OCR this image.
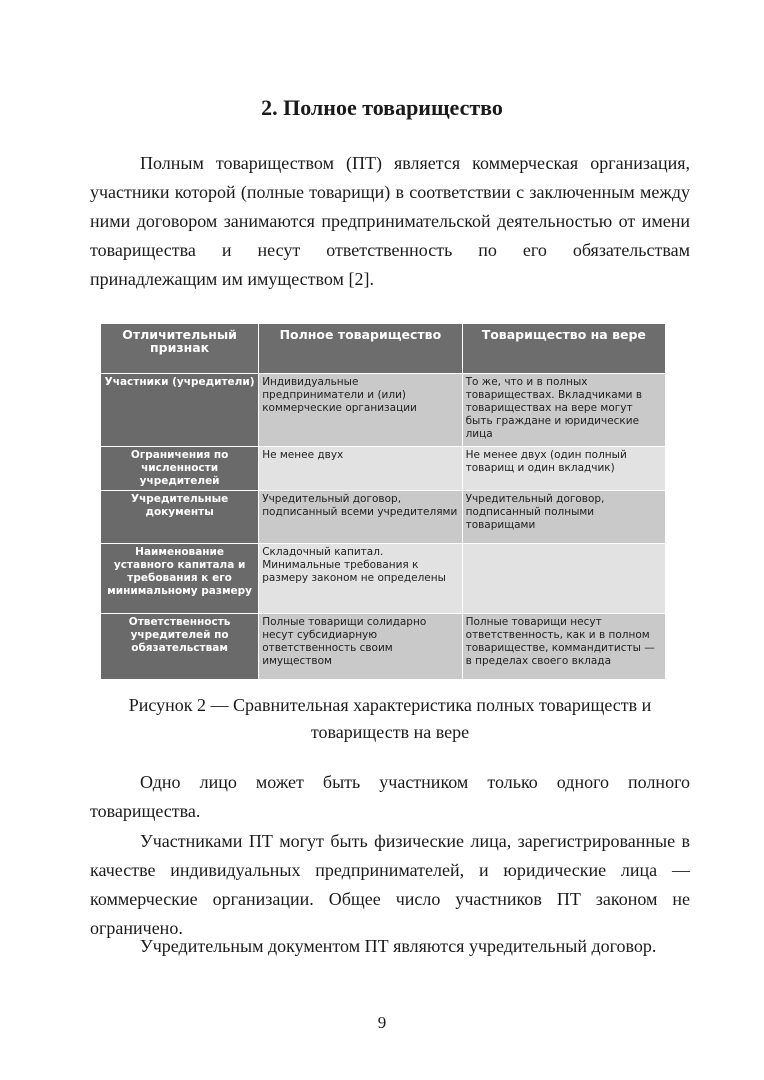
2. Полное товарищество

Полным товариществом (ПТ) является коммерческая организация, участники которой (полные товарищи) в соответствии с заключенным между ними договором занимаются предпринимательской деятельностью от имени товарищества и несут ответственность по его обязательствам принадлежащим им имуществом [2].

Отличительный признак	Полное товарищество	Товарищество на вере
Участники (учредители)	Индивидуальные предприниматели и (или) коммерческие организации	То же, что и в полных товариществах. Вкладчиками в товариществах на вере могут быть граждане и юридические лица
Ограничения по численности учредителей	Не менее двух	Не менее двух (один полный товарищ и один вкладчик)
Учредительные документы	Учредительный договор, подписанный всеми учредителями	Учредительный договор, подписанный полными товарищами
Наименование уставного капитала и требования к его минимальному размеру	Складочный капитал. Минимальные требования к размеру законом не определены	
Ответственность учредителей по обязательствам	Полные товарищи солидарно несут субсидиарную ответственность своим имуществом	Полные товарищи несут ответственность, как и в полном товариществе, коммандитисты — в пределах своего вклада

Рисунок 2 — Сравнительная характеристика полных товариществ и товариществ на вере

Одно лицо может быть участником только одного полного товарищества.

Участниками ПТ могут быть физические лица, зарегистрированные в качестве индивидуальных предпринимателей, и юридические лица — коммерческие организации. Общее число участников ПТ законом не ограничено.

Учредительным документом ПТ являются учредительный договор.

9
